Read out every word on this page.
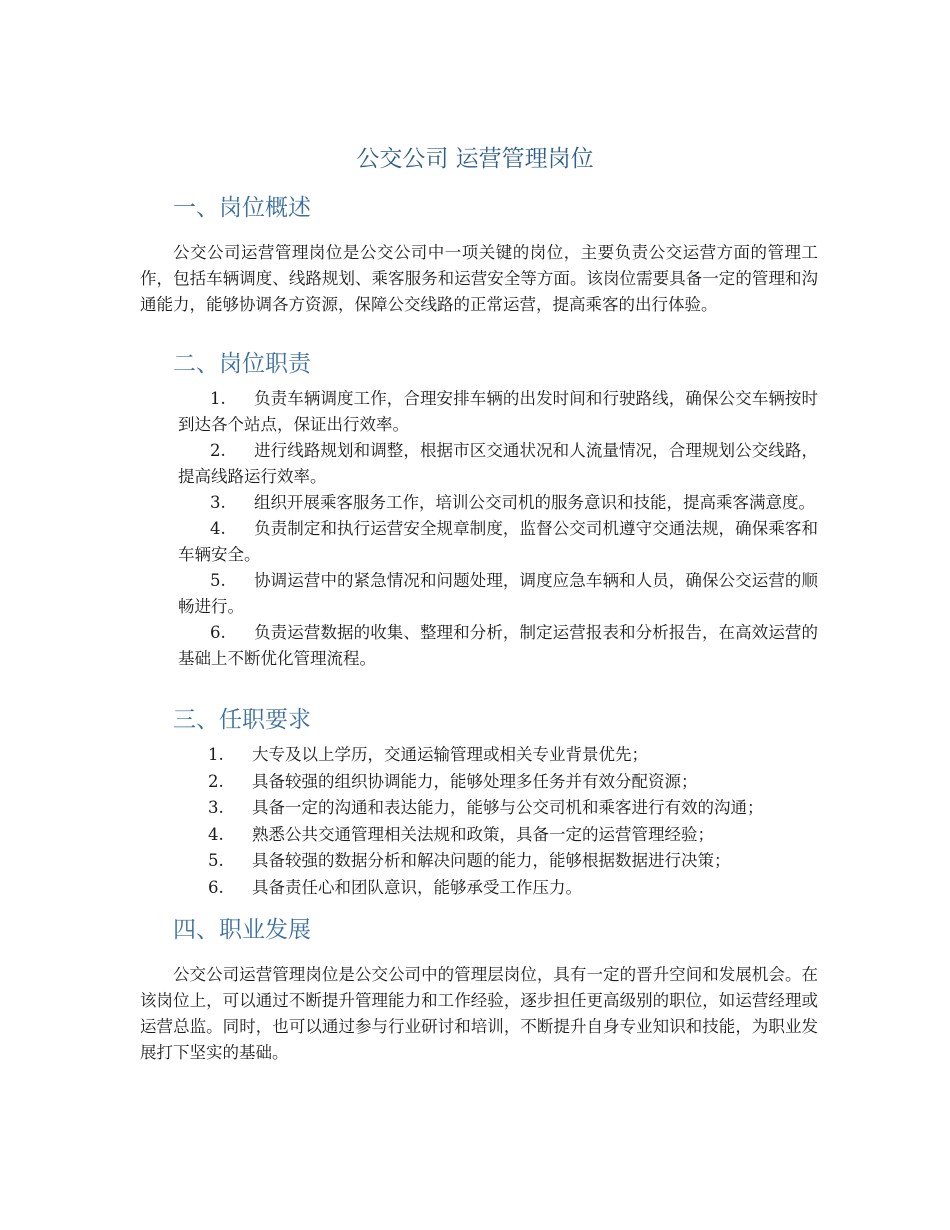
公交公司 运营管理岗位
一、岗位概述

公交公司运营管理岗位是公交公司中一项关键的岗位，主要负责公交运营方面的管理工作，包括车辆调度、线路规划、乘客服务和运营安全等方面。该岗位需要具备一定的管理和沟通能力，能够协调各方资源，保障公交线路的正常运营，提高乘客的出行体验。

二、岗位职责
1. 负责车辆调度工作，合理安排车辆的出发时间和行驶路线，确保公交车辆按时到达各个站点，保证出行效率。
2. 进行线路规划和调整，根据市区交通状况和人流量情况，合理规划公交线路，提高线路运行效率。
3. 组织开展乘客服务工作，培训公交司机的服务意识和技能，提高乘客满意度。
4. 负责制定和执行运营安全规章制度，监督公交司机遵守交通法规，确保乘客和车辆安全。
5. 协调运营中的紧急情况和问题处理，调度应急车辆和人员，确保公交运营的顺畅进行。
6. 负责运营数据的收集、整理和分析，制定运营报表和分析报告，在高效运营的基础上不断优化管理流程。
三、任职要求
1. 大专及以上学历，交通运输管理或相关专业背景优先；
2. 具备较强的组织协调能力，能够处理多任务并有效分配资源；
3. 具备一定的沟通和表达能力，能够与公交司机和乘客进行有效的沟通；
4. 熟悉公共交通管理相关法规和政策，具备一定的运营管理经验；
5. 具备较强的数据分析和解决问题的能力，能够根据数据进行决策；
6. 具备责任心和团队意识，能够承受工作压力。
四、职业发展

公交公司运营管理岗位是公交公司中的管理层岗位，具有一定的晋升空间和发展机会。在该岗位上，可以通过不断提升管理能力和工作经验，逐步担任更高级别的职位，如运营经理或运营总监。同时，也可以通过参与行业研讨和培训，不断提升自身专业知识和技能，为职业发展打下坚实的基础。
